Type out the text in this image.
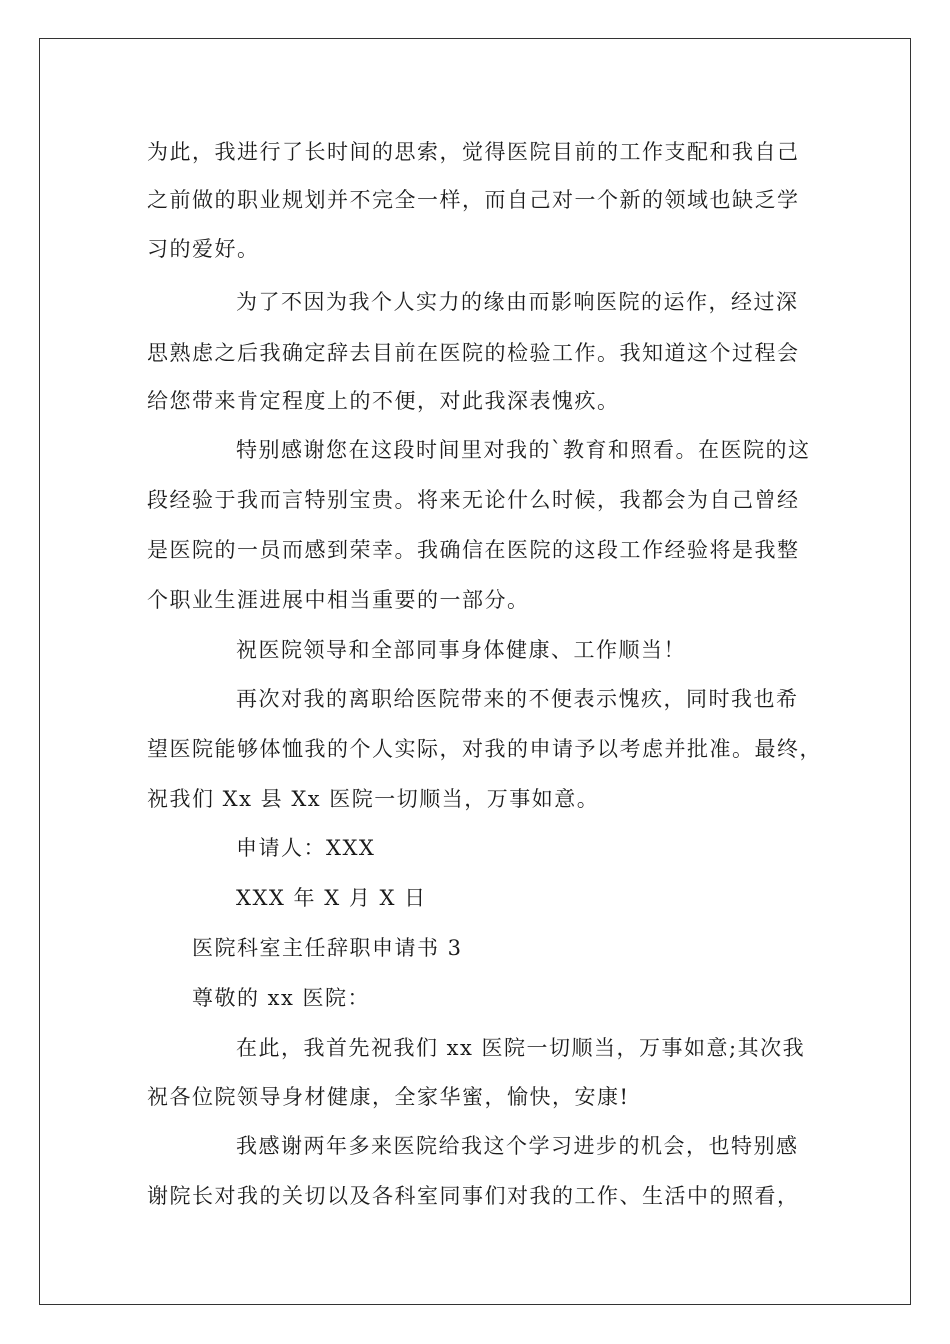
为此，我进行了长时间的思索，觉得医院目前的工作支配和我自己
之前做的职业规划并不完全一样，而自己对一个新的领域也缺乏学
习的爱好。
为了不因为我个人实力的缘由而影响医院的运作，经过深
思熟虑之后我确定辞去目前在医院的检验工作。我知道这个过程会
给您带来肯定程度上的不便，对此我深表愧疚。
特别感谢您在这段时间里对我的`教育和照看。在医院的这
段经验于我而言特别宝贵。将来无论什么时候，我都会为自己曾经
是医院的一员而感到荣幸。我确信在医院的这段工作经验将是我整
个职业生涯进展中相当重要的一部分。
祝医院领导和全部同事身体健康、工作顺当！
再次对我的离职给医院带来的不便表示愧疚，同时我也希
望医院能够体恤我的个人实际，对我的申请予以考虑并批准。最终，
祝我们 Xx 县 Xx 医院一切顺当，万事如意。
申请人：XXX
XXX 年 X 月 X 日
医院科室主任辞职申请书 3
尊敬的 xx 医院：
在此，我首先祝我们 xx 医院一切顺当，万事如意;其次我
祝各位院领导身材健康，全家华蜜，愉快，安康!
我感谢两年多来医院给我这个学习进步的机会，也特别感
谢院长对我的关切以及各科室同事们对我的工作、生活中的照看，
